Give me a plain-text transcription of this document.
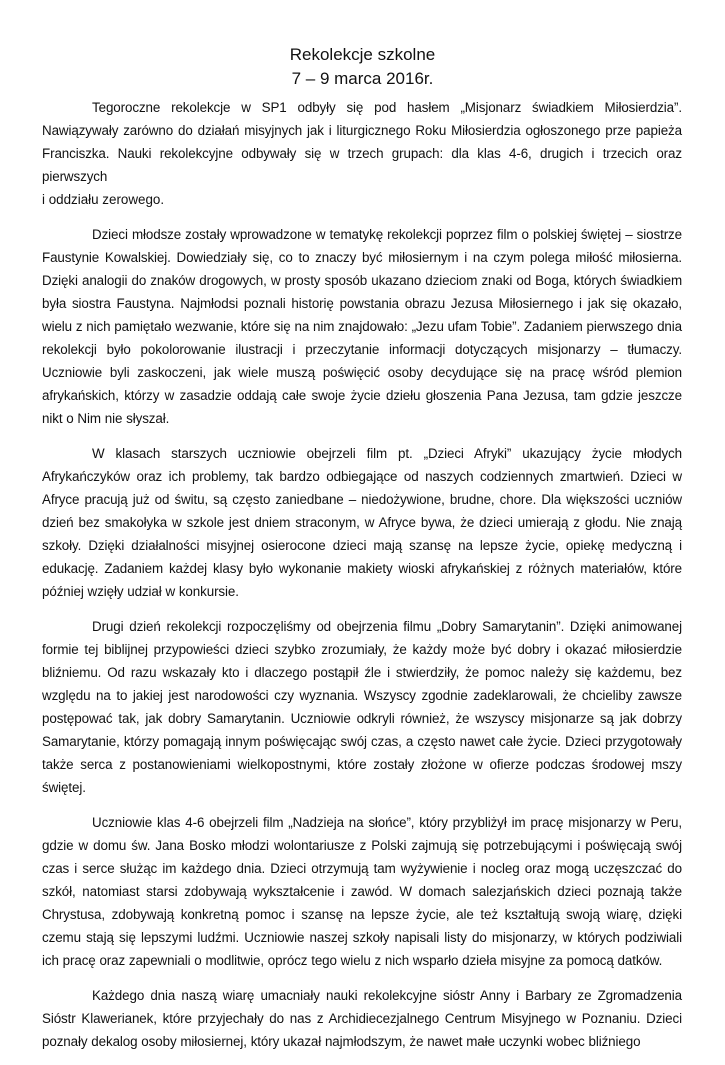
Rekolekcje szkolne
7 – 9 marca 2016r.

Tegoroczne rekolekcje w SP1 odbyły się pod hasłem „Misjonarz świadkiem Miłosierdzia”. Nawiązywały zarówno do działań misyjnych jak i liturgicznego Roku Miłosierdzia ogłoszonego prze papieża Franciszka. Nauki rekolekcyjne odbywały się w trzech grupach: dla klas 4-6, drugich i trzecich oraz pierwszych

i oddziału zerowego.

Dzieci młodsze zostały wprowadzone w tematykę rekolekcji poprzez film o polskiej świętej – siostrze Faustynie Kowalskiej. Dowiedziały się, co to znaczy być miłosiernym i na czym polega miłość miłosierna. Dzięki analogii do znaków drogowych, w prosty sposób ukazano dzieciom znaki od Boga, których świadkiem była siostra Faustyna. Najmłodsi poznali historię powstania obrazu Jezusa Miłosiernego i jak się okazało, wielu z nich pamiętało wezwanie, które się na nim znajdowało: „Jezu ufam Tobie”. Zadaniem pierwszego dnia rekolekcji było pokolorowanie ilustracji i przeczytanie informacji dotyczących misjonarzy – tłumaczy. Uczniowie byli zaskoczeni, jak wiele muszą poświęcić osoby decydujące się na pracę wśród plemion afrykańskich, którzy w zasadzie oddają całe swoje życie dziełu głoszenia Pana Jezusa, tam gdzie jeszcze nikt o Nim nie słyszał.

W klasach starszych uczniowie obejrzeli film pt. „Dzieci Afryki” ukazujący życie młodych Afrykańczyków oraz ich problemy, tak bardzo odbiegające od naszych codziennych zmartwień. Dzieci w Afryce pracują już od świtu, są często zaniedbane – niedożywione, brudne, chore. Dla większości uczniów dzień bez smakołyka w szkole jest dniem straconym, w Afryce bywa, że dzieci umierają z głodu. Nie znają szkoły. Dzięki działalności misyjnej osierocone dzieci mają szansę na lepsze życie, opiekę medyczną i edukację. Zadaniem każdej klasy było wykonanie makiety wioski afrykańskiej z różnych materiałów, które później wzięły udział w konkursie.

Drugi dzień rekolekcji rozpoczęliśmy od obejrzenia filmu „Dobry Samarytanin”. Dzięki animowanej formie tej biblijnej przypowieści dzieci szybko zrozumiały, że każdy może być dobry i okazać miłosierdzie bliźniemu. Od razu wskazały kto i dlaczego postąpił źle i stwierdziły, że pomoc należy się każdemu, bez względu na to jakiej jest narodowości czy wyznania. Wszyscy zgodnie zadeklarowali, że chcieliby zawsze postępować tak, jak dobry Samarytanin. Uczniowie odkryli również, że wszyscy misjonarze są jak dobrzy Samarytanie, którzy pomagają innym poświęcając swój czas, a często nawet całe życie. Dzieci przygotowały także serca z postanowieniami wielkopostnymi, które zostały złożone w ofierze podczas środowej mszy świętej.

Uczniowie klas 4-6 obejrzeli film „Nadzieja na słońce”, który przybliżył im pracę misjonarzy w Peru, gdzie w domu św. Jana Bosko młodzi wolontariusze z Polski zajmują się potrzebującymi i poświęcają swój czas i serce służąc im każdego dnia. Dzieci otrzymują tam wyżywienie i nocleg oraz mogą uczęszczać do szkół, natomiast starsi zdobywają wykształcenie i zawód. W domach salezjańskich dzieci poznają także Chrystusa, zdobywają konkretną pomoc i szansę na lepsze życie, ale też kształtują swoją wiarę, dzięki czemu stają się lepszymi ludźmi. Uczniowie naszej szkoły napisali listy do misjonarzy, w których podziwiali ich pracę oraz zapewniali o modlitwie, oprócz tego wielu z nich wsparło dzieła misyjne za pomocą datków.

Każdego dnia naszą wiarę umacniały nauki rekolekcyjne sióstr Anny i Barbary ze Zgromadzenia Sióstr Klawerianek, które przyjechały do nas z Archidiecezjalnego Centrum Misyjnego w Poznaniu. Dzieci poznały dekalog osoby miłosiernej, który ukazał najmłodszym, że nawet małe uczynki wobec bliźniego
